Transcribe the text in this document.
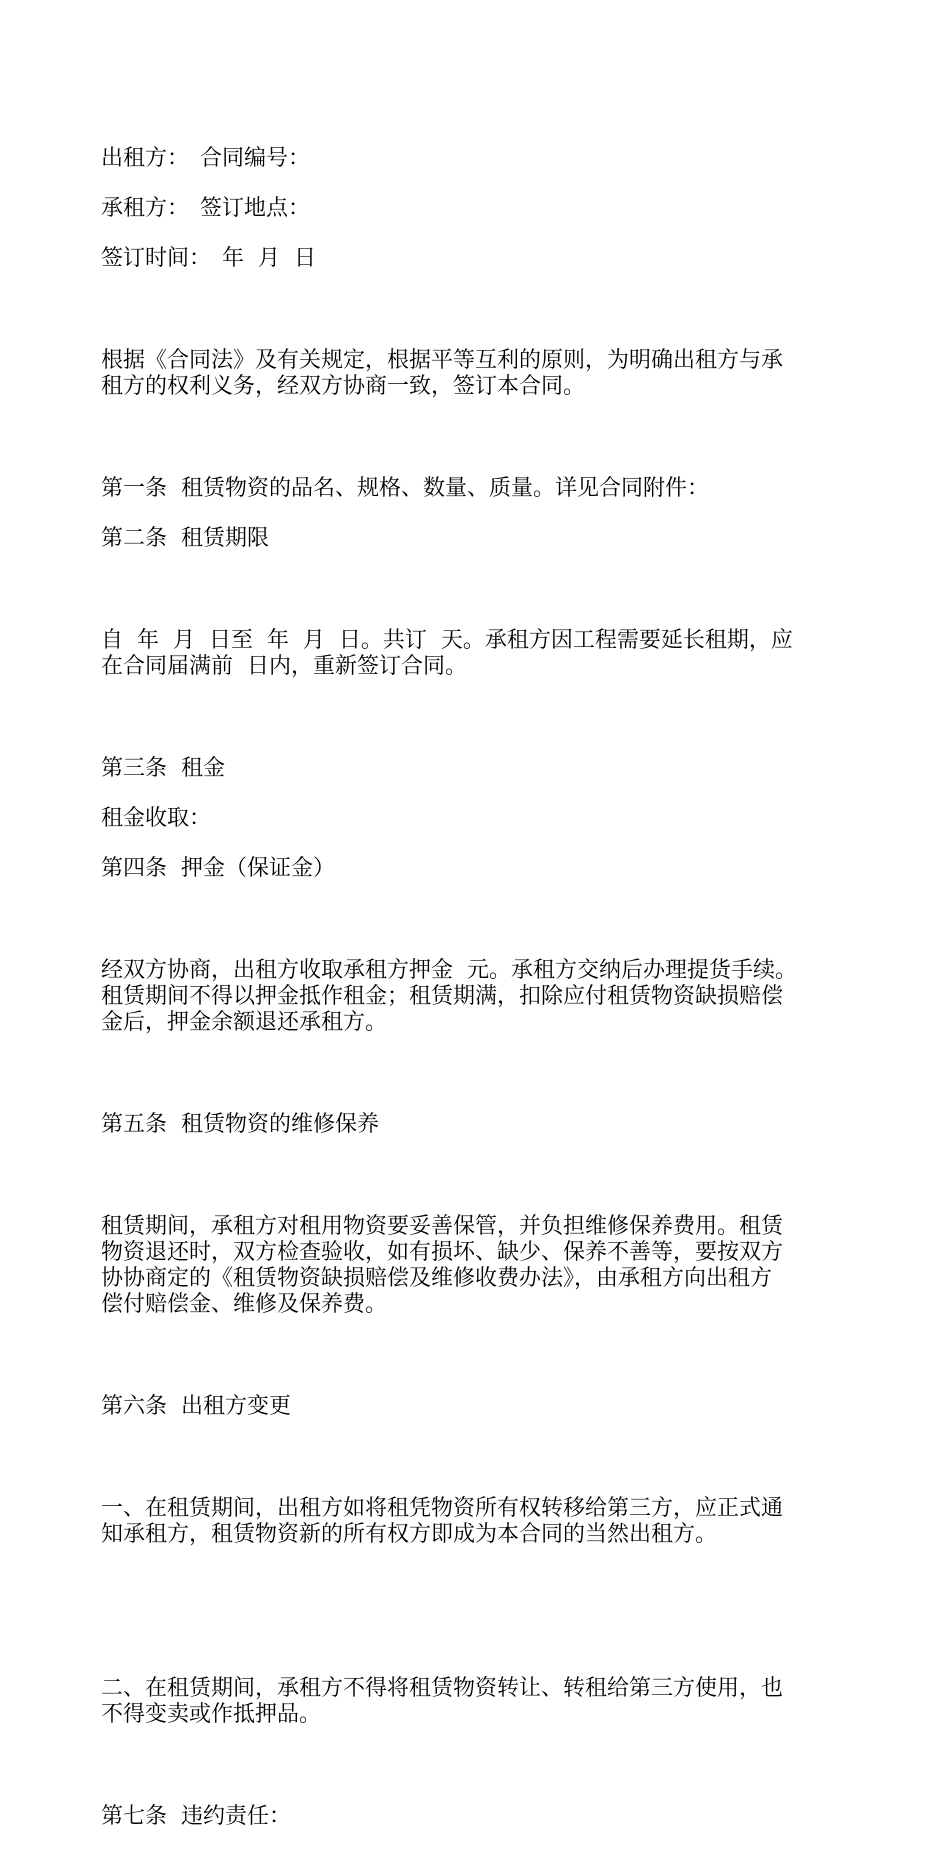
出租方：　合同编号：

承租方：　签订地点：

签订时间：　年  月  日

根据《合同法》及有关规定，根据平等互利的原则，为明确出租方与承
租方的权利义务，经双方协商一致，签订本合同。

第一条  租赁物资的品名、规格、数量、质量。详见合同附件：

第二条  租赁期限

自  年  月  日至  年  月  日。共订  天。承租方因工程需要延长租期，应
在合同届满前  日内，重新签订合同。

第三条  租金

租金收取：

第四条  押金（保证金）

经双方协商，出租方收取承租方押金  元。承租方交纳后办理提货手续。
租赁期间不得以押金抵作租金；租赁期满，扣除应付租赁物资缺损赔偿
金后，押金余额退还承租方。

第五条  租赁物资的维修保养

租赁期间，承租方对租用物资要妥善保管，并负担维修保养费用。租赁
物资退还时，双方检查验收，如有损坏、缺少、保养不善等，要按双方
协协商定的《租赁物资缺损赔偿及维修收费办法》，由承租方向出租方
偿付赔偿金、维修及保养费。

第六条  出租方变更

一、在租赁期间，出租方如将租凭物资所有权转移给第三方，应正式通
知承租方，租赁物资新的所有权方即成为本合同的当然出租方。

二、在租赁期间，承租方不得将租赁物资转让、转租给第三方使用，也
不得变卖或作抵押品。

第七条  违约责任：
